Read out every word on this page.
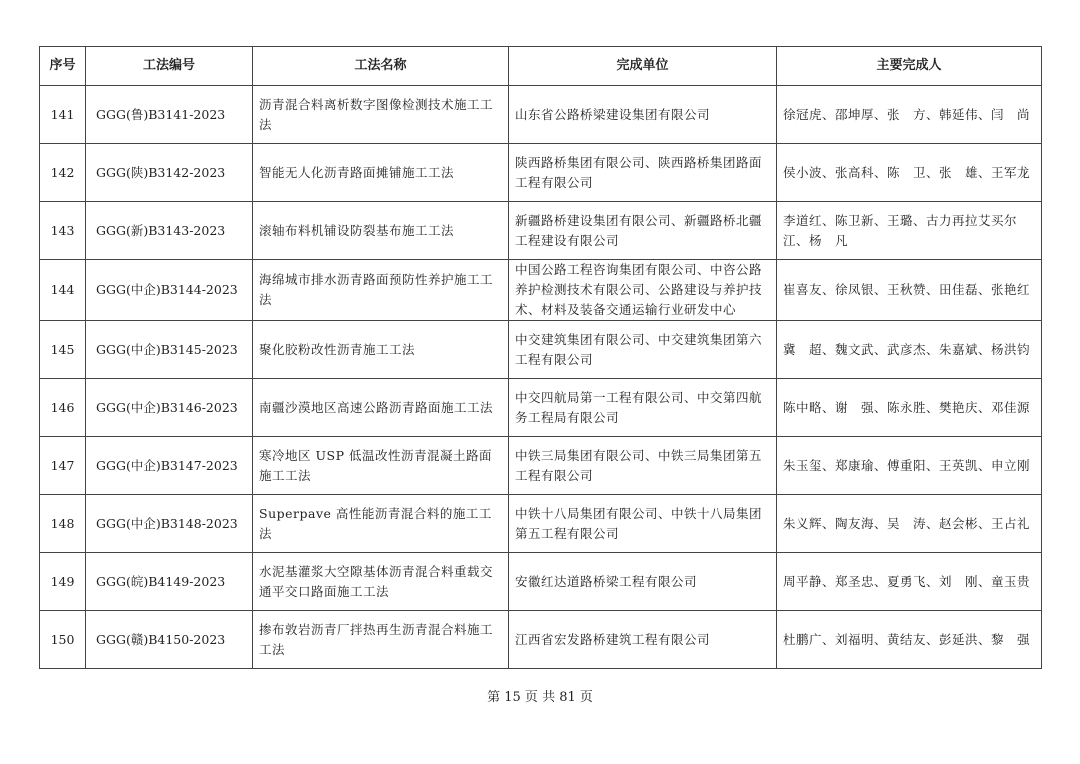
序号	工法编号	工法名称	完成单位	主要完成人
141	GGG(鲁)B3141-2023	沥青混合料离析数字图像检测技术施工工法	山东省公路桥梁建设集团有限公司	徐冠虎、邵坤厚、张　方、韩延伟、闫　尚
142	GGG(陕)B3142-2023	智能无人化沥青路面摊铺施工工法	陕西路桥集团有限公司、陕西路桥集团路面工程有限公司	侯小波、张高科、陈　卫、张　雄、王军龙
143	GGG(新)B3143-2023	滚轴布料机铺设防裂基布施工工法	新疆路桥建设集团有限公司、新疆路桥北疆工程建设有限公司	李道红、陈卫新、王璐、古力再拉艾买尔江、杨　凡
144	GGG(中企)B3144-2023	海绵城市排水沥青路面预防性养护施工工法	中国公路工程咨询集团有限公司、中咨公路养护检测技术有限公司、公路建设与养护技术、材料及装备交通运输行业研发中心	崔喜友、徐凤银、王秋赞、田佳磊、张艳红
145	GGG(中企)B3145-2023	聚化胶粉改性沥青施工工法	中交建筑集团有限公司、中交建筑集团第六工程有限公司	冀　超、魏文武、武彦杰、朱嘉斌、杨洪钧
146	GGG(中企)B3146-2023	南疆沙漠地区高速公路沥青路面施工工法	中交四航局第一工程有限公司、中交第四航务工程局有限公司	陈中略、谢　强、陈永胜、樊艳庆、邓佳源
147	GGG(中企)B3147-2023	寒冷地区 USP 低温改性沥青混凝土路面施工工法	中铁三局集团有限公司、中铁三局集团第五工程有限公司	朱玉玺、郑康瑜、傅重阳、王英凯、申立刚
148	GGG(中企)B3148-2023	Superpave 高性能沥青混合料的施工工法	中铁十八局集团有限公司、中铁十八局集团第五工程有限公司	朱义辉、陶友海、吴　涛、赵会彬、王占礼
149	GGG(皖)B4149-2023	水泥基灌浆大空隙基体沥青混合料重载交通平交口路面施工工法	安徽红达道路桥梁工程有限公司	周平静、郑圣忠、夏勇飞、刘　刚、童玉贵
150	GGG(赣)B4150-2023	掺布敦岩沥青厂拌热再生沥青混合料施工工法	江西省宏发路桥建筑工程有限公司	杜鹏广、刘福明、黄结友、彭延洪、黎　强
第 15 页 共 81 页
